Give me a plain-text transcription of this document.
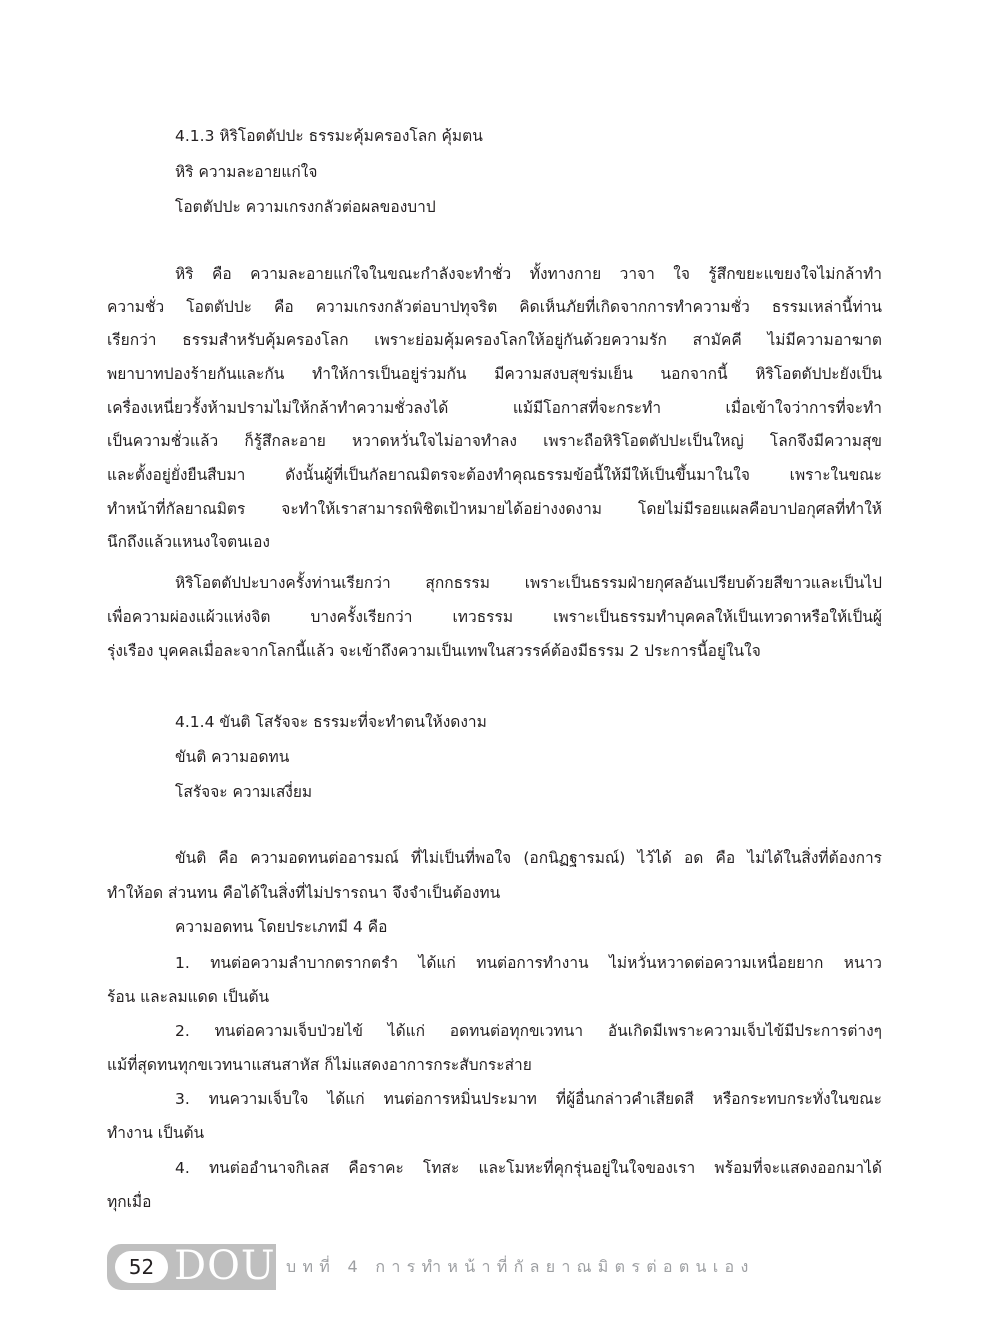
4.1.3 หิริโอตตัปปะ ธรรมะคุ้มครองโลก คุ้มตน
หิริ ความละอายแก่ใจ
โอตตัปปะ ความเกรงกลัวต่อผลของบาป
หิริ คือ ความละอายแก่ใจในขณะกำลังจะทำชั่ว ทั้งทางกาย วาจา ใจ รู้สึกขยะแขยงใจไม่กล้าทำ
ความชั่ว โอตตัปปะ คือ ความเกรงกลัวต่อบาปทุจริต คิดเห็นภัยที่เกิดจากการทำความชั่ว ธรรมเหล่านี้ท่าน
เรียกว่า ธรรมสำหรับคุ้มครองโลก เพราะย่อมคุ้มครองโลกให้อยู่กันด้วยความรัก สามัคคี ไม่มีความอาฆาต
พยาบาทปองร้ายกันและกัน ทำให้การเป็นอยู่ร่วมกัน มีความสงบสุขร่มเย็น นอกจากนี้ หิริโอตตัปปะยังเป็น
เครื่องเหนี่ยวรั้งห้ามปรามไม่ให้กล้าทำความชั่วลงได้ แม้มีโอกาสที่จะกระทำ เมื่อเข้าใจว่าการที่จะทำ
เป็นความชั่วแล้ว ก็รู้สึกละอาย หวาดหวั่นใจไม่อาจทำลง เพราะถือหิริโอตตัปปะเป็นใหญ่ โลกจึงมีความสุข
และตั้งอยู่ยั่งยืนสืบมา ดังนั้นผู้ที่เป็นกัลยาณมิตรจะต้องทำคุณธรรมข้อนี้ให้มีให้เป็นขึ้นมาในใจ เพราะในขณะ
ทำหน้าที่กัลยาณมิตร จะทำให้เราสามารถพิชิตเป้าหมายได้อย่างงดงาม โดยไม่มีรอยแผลคือบาปอกุศลที่ทำให้
นึกถึงแล้วแหนงใจตนเอง
หิริโอตตัปปะบางครั้งท่านเรียกว่า สุกกธรรม เพราะเป็นธรรมฝ่ายกุศลอันเปรียบด้วยสีขาวและเป็นไป
เพื่อความผ่องแผ้วแห่งจิต บางครั้งเรียกว่า เทวธรรม เพราะเป็นธรรมทำบุคคลให้เป็นเทวดาหรือให้เป็นผู้
รุ่งเรือง บุคคลเมื่อละจากโลกนี้แล้ว จะเข้าถึงความเป็นเทพในสวรรค์ต้องมีธรรม 2 ประการนี้อยู่ในใจ
4.1.4 ขันติ โสรัจจะ ธรรมะที่จะทำตนให้งดงาม
ขันติ ความอดทน
โสรัจจะ ความเสงี่ยม
ขันติ คือ ความอดทนต่ออารมณ์ ที่ไม่เป็นที่พอใจ (อกนิฏฐารมณ์) ไว้ได้ อด คือ ไม่ได้ในสิ่งที่ต้องการ
ทำให้อด ส่วนทน คือได้ในสิ่งที่ไม่ปรารถนา จึงจำเป็นต้องทน
ความอดทน โดยประเภทมี 4 คือ
1. ทนต่อความลำบากตรากตรำ ได้แก่ ทนต่อการทำงาน ไม่หวั่นหวาดต่อความเหนื่อยยาก หนาว
ร้อน และลมแดด เป็นต้น
2. ทนต่อความเจ็บป่วยไข้ ได้แก่ อดทนต่อทุกขเวทนา อันเกิดมีเพราะความเจ็บไข้มีประการต่างๆ
แม้ที่สุดทนทุกขเวทนาแสนสาหัส ก็ไม่แสดงอาการกระสับกระส่าย
3. ทนความเจ็บใจ ได้แก่ ทนต่อการหมิ่นประมาท ที่ผู้อื่นกล่าวคำเสียดสี หรือกระทบกระทั่งในขณะ
ทำงาน เป็นต้น
4. ทนต่ออำนาจกิเลส คือราคะ โทสะ และโมหะที่คุกรุ่นอยู่ในใจของเรา พร้อมที่จะแสดงออกมาได้
ทุกเมื่อ
52 DOU บทที่ 4 การทำหน้าที่กัลยาณมิตรต่อตนเอง
